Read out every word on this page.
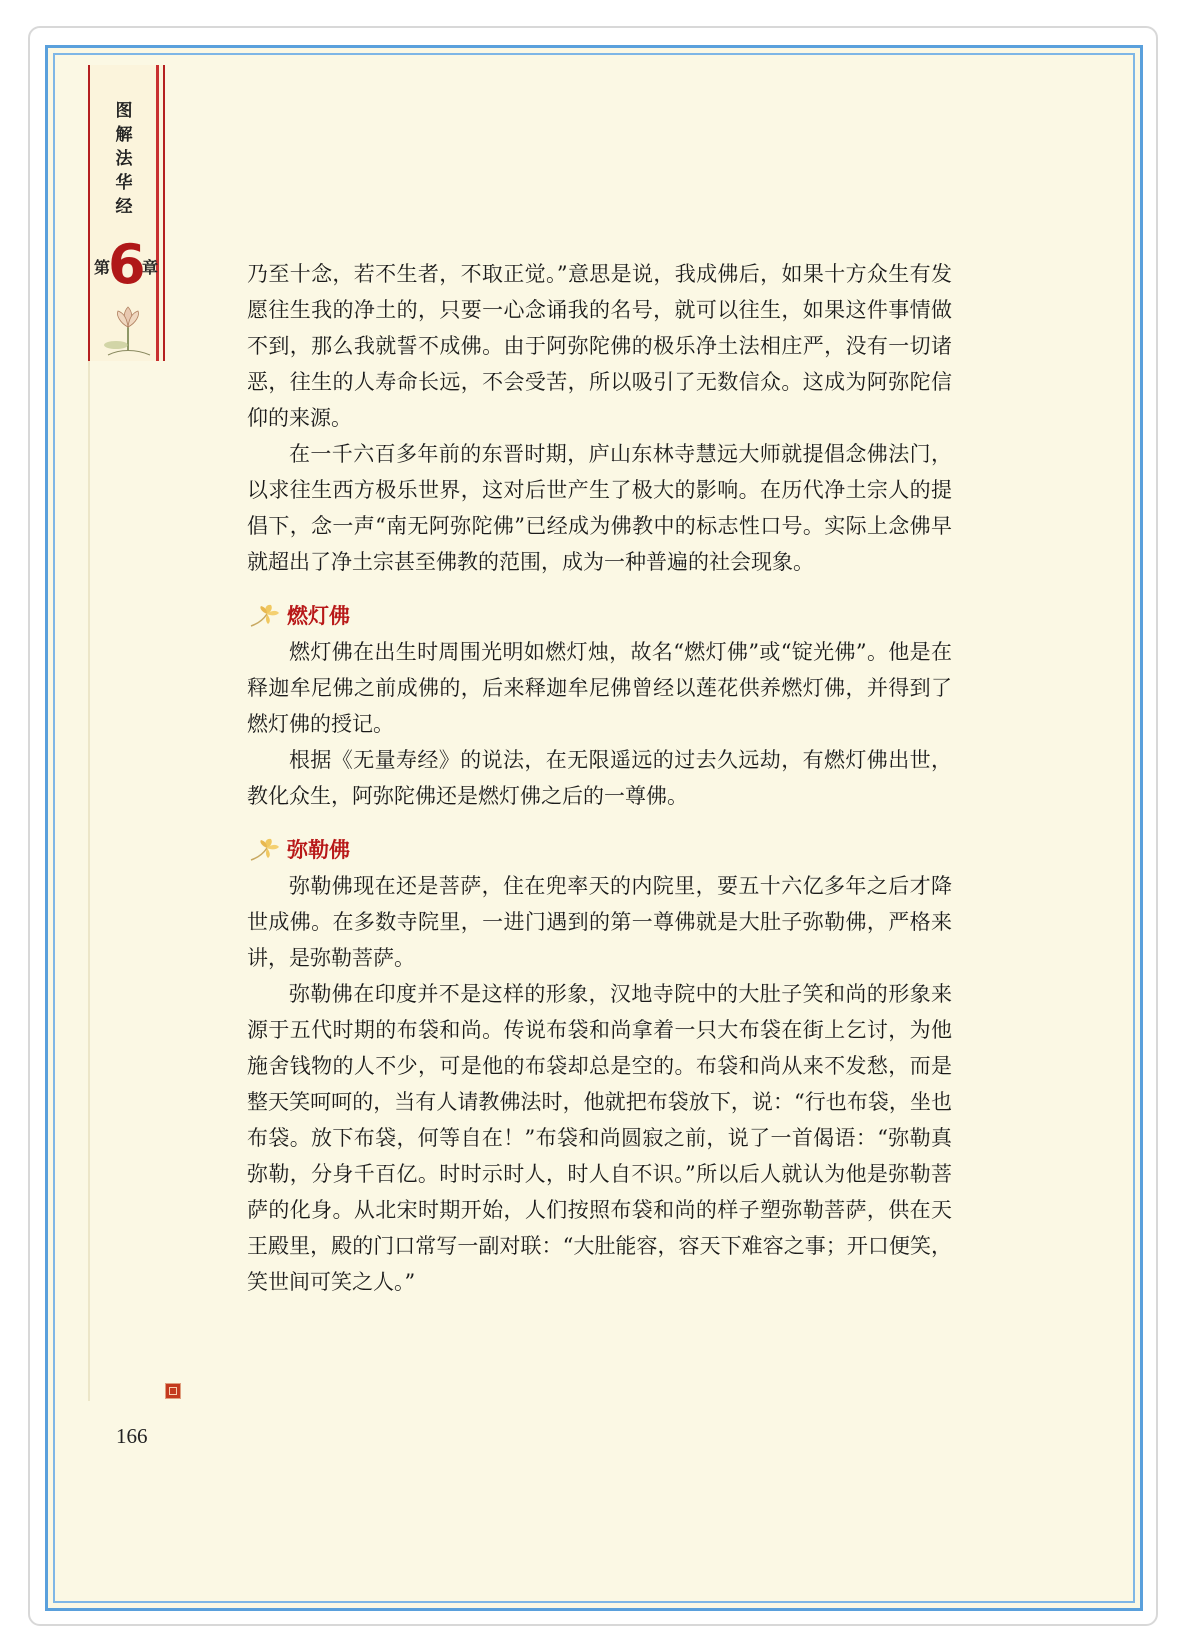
图解法华经
第
6
章	乃至十念，若不生者，不取正觉。”意思是说，我成佛后，如果十方众生有发愿往生我的净土的，只要一心念诵我的名号，就可以往生，如果这件事情做不到，那么我就誓不成佛。由于阿弥陀佛的极乐净土法相庄严，没有一切诸恶，往生的人寿命长远，不会受苦，所以吸引了无数信众。这成为阿弥陀信仰的来源。

在一千六百多年前的东晋时期，庐山东林寺慧远大师就提倡念佛法门，以求往生西方极乐世界，这对后世产生了极大的影响。在历代净土宗人的提倡下，念一声“南无阿弥陀佛”已经成为佛教中的标志性口号。实际上念佛早就超出了净土宗甚至佛教的范围，成为一种普遍的社会现象。

燃灯佛

燃灯佛在出生时周围光明如燃灯烛，故名“燃灯佛”或“锭光佛”。他是在释迦牟尼佛之前成佛的，后来释迦牟尼佛曾经以莲花供养燃灯佛，并得到了燃灯佛的授记。

根据《无量寿经》的说法，在无限遥远的过去久远劫，有燃灯佛出世，教化众生，阿弥陀佛还是燃灯佛之后的一尊佛。

弥勒佛

弥勒佛现在还是菩萨，住在兜率天的内院里，要五十六亿多年之后才降世成佛。在多数寺院里，一进门遇到的第一尊佛就是大肚子弥勒佛，严格来讲，是弥勒菩萨。

弥勒佛在印度并不是这样的形象，汉地寺院中的大肚子笑和尚的形象来源于五代时期的布袋和尚。传说布袋和尚拿着一只大布袋在街上乞讨，为他施舍钱物的人不少，可是他的布袋却总是空的。布袋和尚从来不发愁，而是整天笑呵呵的，当有人请教佛法时，他就把布袋放下，说：“行也布袋，坐也布袋。放下布袋，何等自在！”布袋和尚圆寂之前，说了一首偈语：“弥勒真弥勒，分身千百亿。时时示时人，时人自不识。”所以后人就认为他是弥勒菩萨的化身。从北宋时期开始，人们按照布袋和尚的样子塑弥勒菩萨，供在天王殿里，殿的门口常写一副对联：“大肚能容，容天下难容之事；开口便笑，笑世间可笑之人。”

166
